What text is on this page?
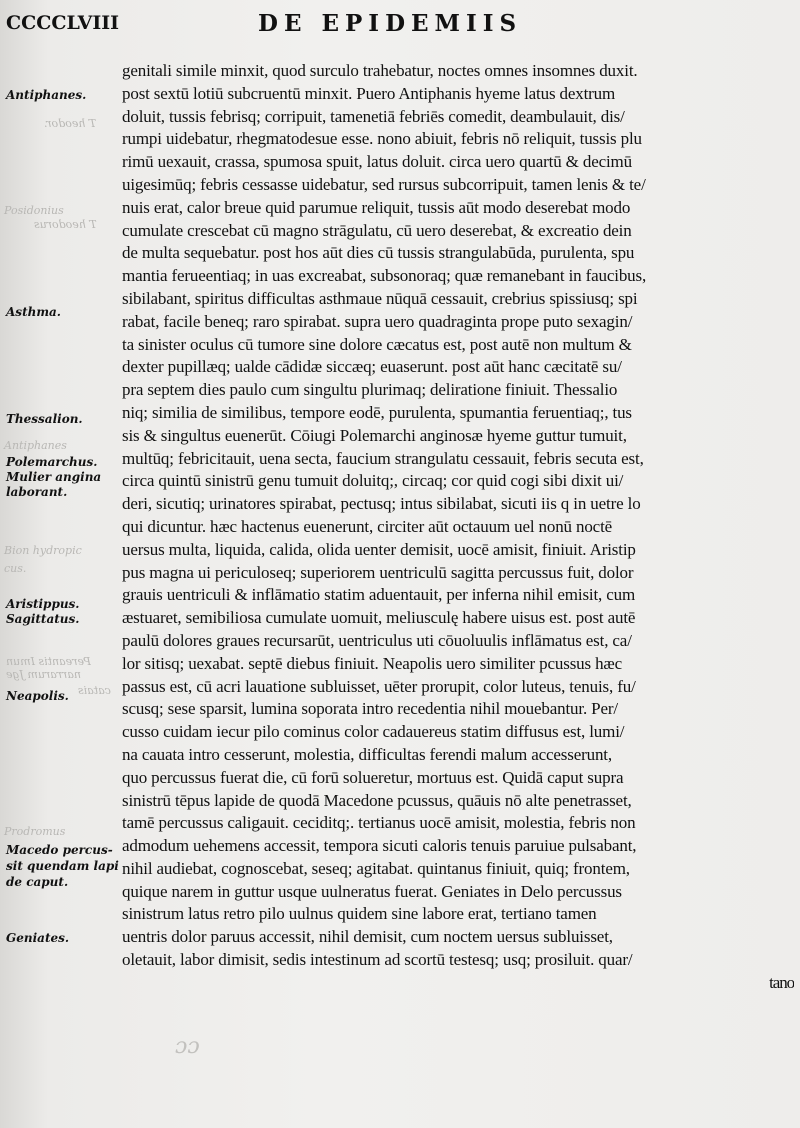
CCCCLVIII	DE EPIDEMIIS
Antiphanes.
T heodor.
Posidonius
T heodorus
Asthma.
Thessalion.
Antiphanes
Polemarchus.
Mulier angina
laborant.
Bion hydropic
cus.
Aristippus.
Sagittatus.
Pereantis Imun
narrarum Jge
Neapolis. catais
Prodromus
Macedo percus-
sit quendam lapi
de caput.
Geniates.
genitali simile minxit, quod surculo trahebatur, noctes omnes insomnes duxit.
post sextū lotiū subcruentū minxit. Puero Antiphanis hyeme latus dextrum
doluit, tussis febrisq; corripuit, tamenetiā febriēs comedit, deambulauit, dis/
rumpi uidebatur, rhegmatodesue esse. nono abiuit, febris nō reliquit, tussis plu
rimū uexauit, crassa, spumosa spuit, latus doluit. circa uero quartū & decimū
uigesimūq; febris cessasse uidebatur, sed rursus subcorripuit, tamen lenis & te/
nuis erat, calor breue quid parumue reliquit, tussis aūt modo deserebat modo
cumulate crescebat cū magno strāgulatu, cū uero deserebat, & excreatio dein
de multa sequebatur. post hos aūt dies cū tussis strangulabūda, purulenta, spu
mantia ferueentiaq; in uas excreabat, subsonoraq; quæ remanebant in faucibus,
sibilabant, spiritus difficultas asthmaue nūquā cessauit, crebrius spissiusq; spi
rabat, facile beneq; raro spirabat. supra uero quadraginta prope puto sexagin/
ta sinister oculus cū tumore sine dolore cæcatus est, post autē non multum &
dexter pupillæq; ualde cādidæ siccæq; euaserunt. post aūt hanc cæcitatē su/
pra septem dies paulo cum singultu plurimaq; deliratione finiuit. Thessalio
niq; similia de similibus, tempore eodē, purulenta, spumantia feruentiaq;, tus
sis & singultus euenerūt. Cōiugi Polemarchi anginosæ hyeme guttur tumuit,
multūq; febricitauit, uena secta, faucium strangulatu cessauit, febris secuta est,
circa quintū sinistrū genu tumuit doluitq;, circaq; cor quid cogi sibi dixit ui/
deri, sicutiq; urinatores spirabat, pectusq; intus sibilabat, sicuti iis q in uetre lo
qui dicuntur. hæc hactenus euenerunt, circiter aūt octauum uel nonū noctē
uersus multa, liquida, calida, olida uenter demisit, uocē amisit, finiuit. Aristip
pus magna ui periculoseq; superiorem uentriculū sagitta percussus fuit, dolor
grauis uentriculi & inflāmatio statim aduentauit, per inferna nihil emisit, cum
æstuaret, semibiliosa cumulate uomuit, meliusculę habere uisus est. post autē
paulū dolores graues recursarūt, uentriculus uti cōuoluulis inflāmatus est, ca/
lor sitisq; uexabat. septē diebus finiuit. Neapolis uero similiter pcussus hæc
passus est, cū acri lauatione subluisset, uēter prorupit, color luteus, tenuis, fu/
scusq; sese sparsit, lumina soporata intro recedentia nihil mouebantur. Per/
cusso cuidam iecur pilo cominus color cadauereus statim diffusus est, lumi/
na cauata intro cesserunt, molestia, difficultas ferendi malum accesserunt,
quo percussus fuerat die, cū forū solueretur, mortuus est. Quidā caput supra
sinistrū tēpus lapide de quodā Macedone pcussus, quāuis nō alte penetrasset,
tamē percussus caligauit. ceciditq;. tertianus uocē amisit, molestia, febris non
admodum uehemens accessit, tempora sicuti caloris tenuis paruiue pulsabant,
nihil audiebat, cognoscebat, seseq; agitabat. quintanus finiuit, quiq; frontem,
quique narem in guttur usque uulneratus fuerat. Geniates in Delo percussus
sinistrum latus retro pilo uulnus quidem sine labore erat, tertiano tamen
uentris dolor paruus accessit, nihil demisit, cum noctem uersus subluisset,
oletauit, labor dimisit, sedis intestinum ad scortū testesq; usq; prosiluit. quar/
tano
ɔɔ
